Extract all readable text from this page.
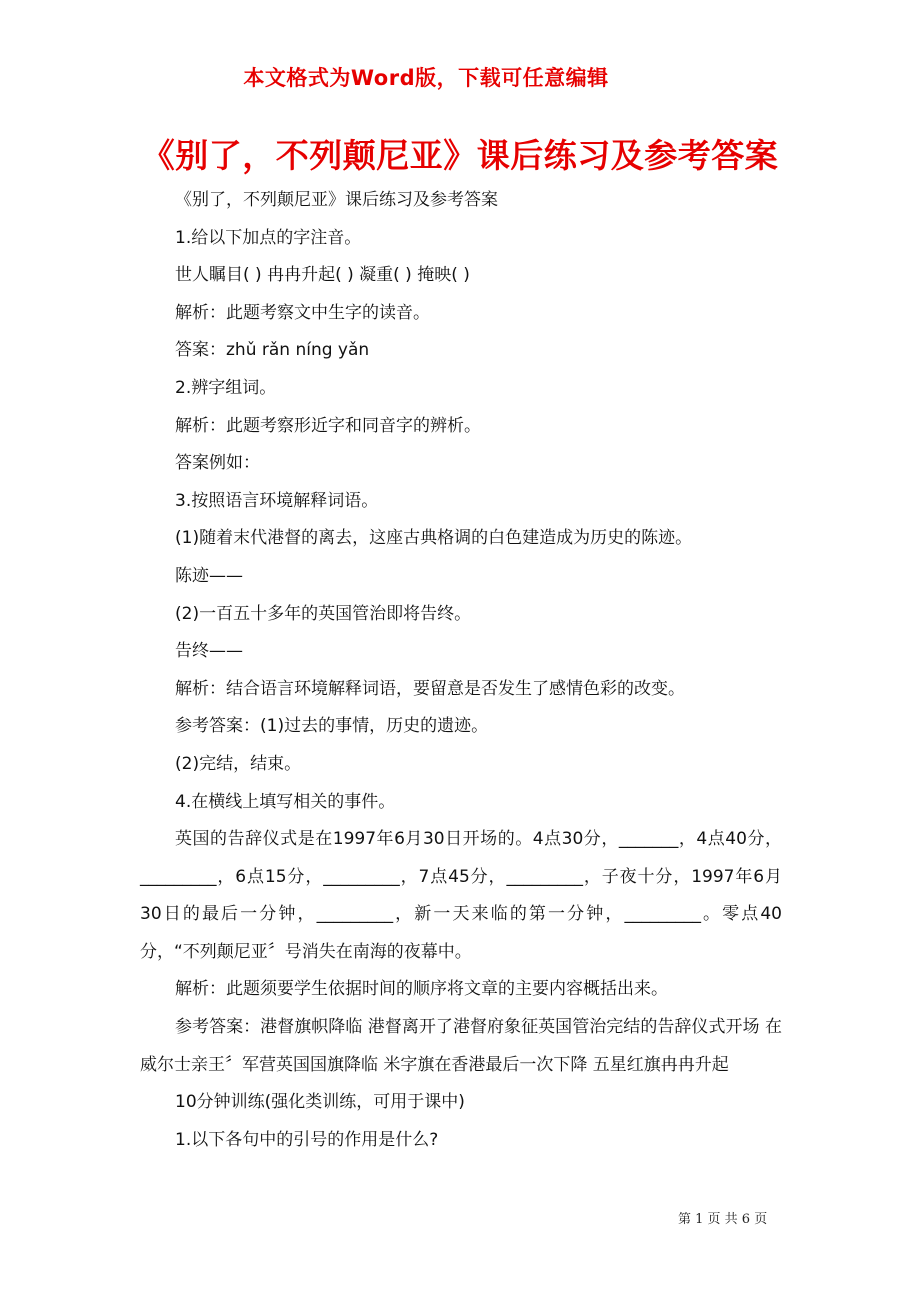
本文格式为Word版，下载可任意编辑
《别了，不列颠尼亚》课后练习及参考答案

《别了，不列颠尼亚》课后练习及参考答案

1.给以下加点的字注音。

世人瞩目( ) 冉冉升起( ) 凝重( ) 掩映( )

解析：此题考察文中生字的读音。

答案：zhǔ rǎn níng yǎn

2.辨字组词。

解析：此题考察形近字和同音字的辨析。

答案例如：

3.按照语言环境解释词语。

(1)随着末代港督的离去，这座古典格调的白色建造成为历史的陈迹。

陈迹——

(2)一百五十多年的英国管治即将告终。

告终——

解析：结合语言环境解释词语，要留意是否发生了感情色彩的改变。

参考答案：(1)过去的事情，历史的遗迹。

(2)完结，结束。

4.在横线上填写相关的事件。

英国的告辞仪式是在1997年6月30日开场的。4点30分，_______，4点40分，_________，6点15分，_________，7点45分，_________，子夜十分，1997年6月30日的最后一分钟，_________，新一天来临的第一分钟，_________。零点40分，“不列颠尼亚〞号消失在南海的夜幕中。

解析：此题须要学生依据时间的顺序将文章的主要内容概括出来。

参考答案：港督旗帜降临 港督离开了港督府象征英国管治完结的告辞仪式开场 在威尔士亲王〞军营英国国旗降临 米字旗在香港最后一次下降 五星红旗冉冉升起

10分钟训练(强化类训练，可用于课中)

1.以下各句中的引号的作用是什么?

第 1 页 共 6 页
